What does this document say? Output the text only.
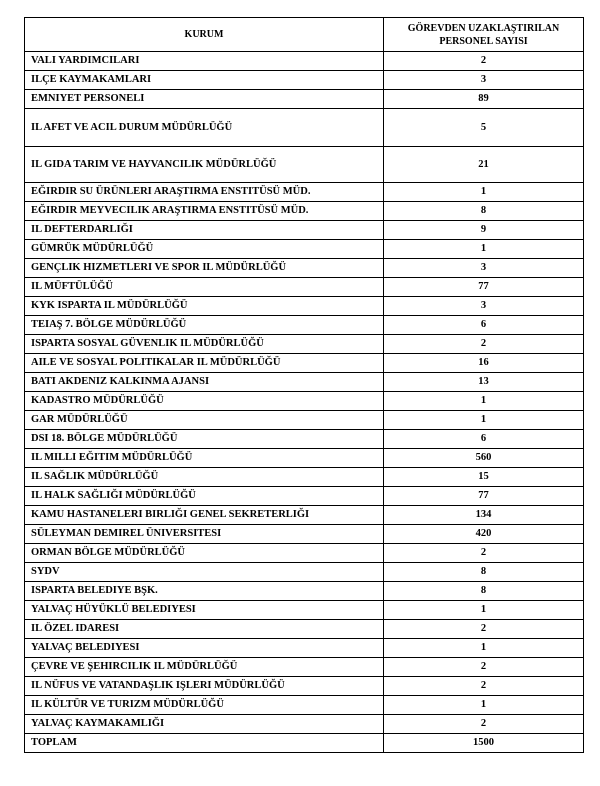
KURUM	GÖREVDEN UZAKLAŞTIRILAN
PERSONEL SAYISI
VALI YARDIMCILARI	2
ILÇE KAYMAKAMLARI	3
EMNIYET PERSONELI	89
IL AFET VE ACIL DURUM MÜDÜRLÜĞÜ	5
IL GIDA TARIM VE HAYVANCILIK MÜDÜRLÜĞÜ	21
EĞIRDIR SU ÜRÜNLERI ARAŞTIRMA ENSTITÜSÜ MÜD.	1
EĞIRDIR MEYVECILIK ARAŞTIRMA ENSTITÜSÜ MÜD.	8
IL DEFTERDARLIĞI	9
GÜMRÜK MÜDÜRLÜĞÜ	1
GENÇLIK HIZMETLERI VE SPOR IL MÜDÜRLÜĞÜ	3
IL MÜFTÜLÜĞÜ	77
KYK ISPARTA IL MÜDÜRLÜĞÜ	3
TEIAŞ 7. BÖLGE MÜDÜRLÜĞÜ	6
ISPARTA SOSYAL GÜVENLIK IL MÜDÜRLÜĞÜ	2
AILE VE SOSYAL POLITIKALAR IL MÜDÜRLÜĞÜ	16
BATI AKDENIZ KALKINMA AJANSI	13
KADASTRO MÜDÜRLÜĞÜ	1
GAR MÜDÜRLÜĞÜ	1
DSI 18. BÖLGE MÜDÜRLÜĞÜ	6
IL MILLI EĞITIM MÜDÜRLÜĞÜ	560
IL SAĞLIK MÜDÜRLÜĞÜ	15
IL HALK SAĞLIĞI MÜDÜRLÜĞÜ	77
KAMU HASTANELERI BIRLIĞI GENEL SEKRETERLIĞI	134
SÜLEYMAN DEMIREL ÜNIVERSITESI	420
ORMAN BÖLGE MÜDÜRLÜĞÜ	2
SYDV	8
ISPARTA BELEDIYE BŞK.	8
YALVAÇ HÜYÜKLÜ BELEDIYESI	1
IL ÖZEL IDARESI	2
YALVAÇ BELEDIYESI	1
ÇEVRE VE ŞEHIRCILIK IL MÜDÜRLÜĞÜ	2
IL NÜFUS VE VATANDAŞLIK IŞLERI MÜDÜRLÜĞÜ	2
IL KÜLTÜR VE TURIZM MÜDÜRLÜĞÜ	1
YALVAÇ KAYMAKAMLIĞI	2
TOPLAM	1500
